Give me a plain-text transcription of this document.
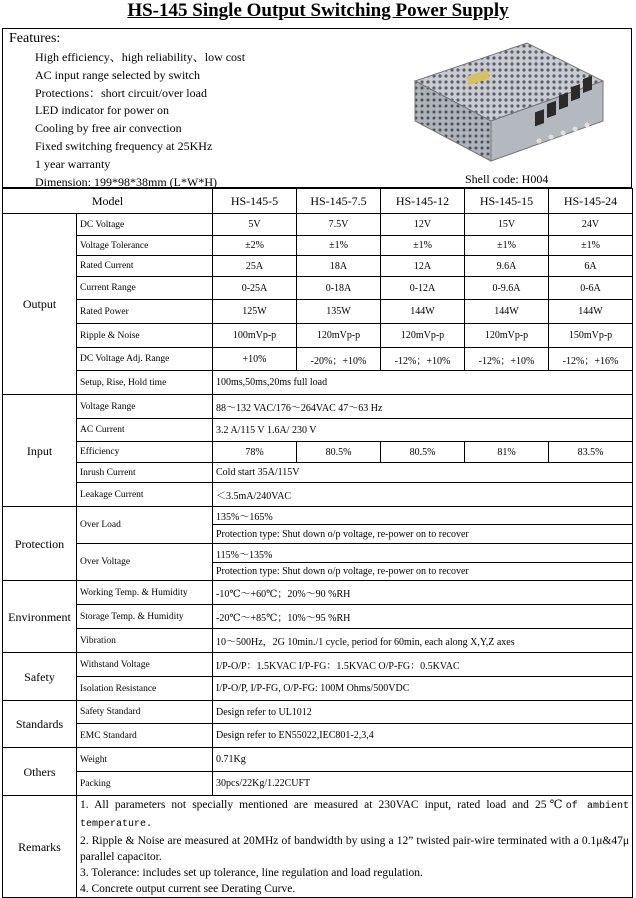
HS-145 Single Output Switching Power Supply
Features:
High efficiency、high reliability、low cost
AC input range selected by switch
Protections：short circuit/over load
LED indicator for power on
Cooling by free air convection
Fixed switching frequency at 25KHz
1 year warranty
Dimension: 199*98*38mm (L*W*H)	Shell code: H004
Model		HS-145-5	HS-145-7.5	HS-145-12	HS-145-15	HS-145-24
Output	DC Voltage	5V	7.5V	12V	15V	24V
	Voltage Tolerance	±2%	±1%	±1%	±1%	±1%
	Rated Current	25A	18A	12A	9.6A	6A
	Current Range	0-25A	0-18A	0-12A	0-9.6A	0-6A
	Rated Power	125W	135W	144W	144W	144W
	Ripple & Noise	100mVp-p	120mVp-p	120mVp-p	120mVp-p	150mVp-p
	DC Voltage Adj. Range	+10%	-20%；+10%	-12%；+10%	-12%；+10%	-12%；+16%
	Setup, Rise, Hold time	100ms,50ms,20ms full load				
Input	Voltage Range	88～132 VAC/176～264VAC 47～63 Hz				
	AC Current	3.2 A/115 V 1.6A/ 230 V				
	Efficiency	78%	80.5%	80.5%	81%	83.5%
	Inrush Current	Cold start 35A/115V				
	Leakage Current	＜3.5mA/240VAC				
Protection	Over Load	135%～165%				
		Protection type: Shut down o/p voltage, re-power on to recover				
	Over Voltage	115%～135%				
		Protection type: Shut down o/p voltage, re-power on to recover				
Environment	Working Temp. & Humidity	-10℃～+60℃；20%～90 %RH				
	Storage Temp. & Humidity	-20℃～+85℃；10%～95 %RH				
	Vibration	10～500Hz，2G 10min./1 cycle, period for 60min, each along X,Y,Z axes				
Safety	Withstand Voltage	I/P-O/P：1.5KVAC I/P-FG：1.5KVAC O/P-FG：0.5KVAC				
	Isolation Resistance	I/P-O/P, I/P-FG, O/P-FG: 100M Ohms/500VDC				
Standards	Safety Standard	Design refer to UL1012				
	EMC Standard	Design refer to EN55022,IEC801-2,3,4				
Others	Weight	0.71Kg				
	Packing	30pcs/22Kg/1.22CUFT				
Remarks	1. All parameters not specially mentioned are measured at 230VAC input, rated load and 25℃of ambient temperature.
2. Ripple & Noise are measured at 20MHz of bandwidth by using a 12” twisted pair-wire terminated with a 0.1μ&47μ parallel capacitor.
3. Tolerance: includes set up tolerance, line regulation and load regulation.
4. Concrete output current see Derating Curve.					
